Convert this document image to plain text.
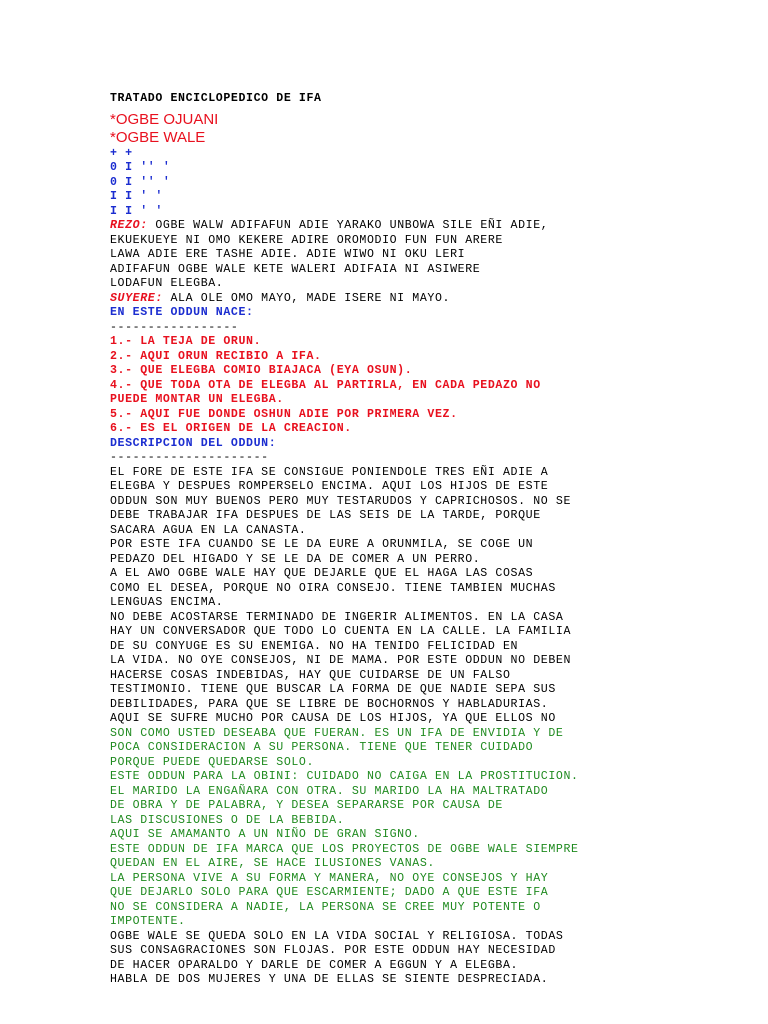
TRATADO ENCICLOPEDICO DE IFA
*OGBE OJUANI
*OGBE WALE
+ +
0 I '' '
0 I '' '
I I ' '
I I ' '
REZO: OGBE WALW ADIFAFUN ADIE YARAKO UNBOWA SILE EÑI ADIE,
EKUEKUEYE NI OMO KEKERE ADIRE OROMODIO FUN FUN ARERE
LAWA ADIE ERE TASHE ADIE. ADIE WIWO NI OKU LERI
ADIFAFUN OGBE WALE KETE WALERI ADIFAIA NI ASIWERE
LODAFUN ELEGBA.
SUYERE: ALA OLE OMO MAYO, MADE ISERE NI MAYO.
EN ESTE ODDUN NACE:
-----------------
1.- LA TEJA DE ORUN.
2.- AQUI ORUN RECIBIO A IFA.
3.- QUE ELEGBA COMIO BIAJACA (EYA OSUN).
4.- QUE TODA OTA DE ELEGBA AL PARTIRLA, EN CADA PEDAZO NO
PUEDE MONTAR UN ELEGBA.
5.- AQUI FUE DONDE OSHUN ADIE POR PRIMERA VEZ.
6.- ES EL ORIGEN DE LA CREACION.
DESCRIPCION DEL ODDUN:
---------------------
EL FORE DE ESTE IFA SE CONSIGUE PONIENDOLE TRES EÑI ADIE A
ELEGBA Y DESPUES ROMPERSELO ENCIMA. AQUI LOS HIJOS DE ESTE
ODDUN SON MUY BUENOS PERO MUY TESTARUDOS Y CAPRICHOSOS. NO SE
DEBE TRABAJAR IFA DESPUES DE LAS SEIS DE LA TARDE, PORQUE
SACARA AGUA EN LA CANASTA.
POR ESTE IFA CUANDO SE LE DA EURE A ORUNMILA, SE COGE UN
PEDAZO DEL HIGADO Y SE LE DA DE COMER A UN PERRO.
A EL AWO OGBE WALE HAY QUE DEJARLE QUE EL HAGA LAS COSAS
COMO EL DESEA, PORQUE NO OIRA CONSEJO. TIENE TAMBIEN MUCHAS
LENGUAS ENCIMA.
NO DEBE ACOSTARSE TERMINADO DE INGERIR ALIMENTOS. EN LA CASA
HAY UN CONVERSADOR QUE TODO LO CUENTA EN LA CALLE. LA FAMILIA
DE SU CONYUGE ES SU ENEMIGA. NO HA TENIDO FELICIDAD EN
LA VIDA. NO OYE CONSEJOS, NI DE MAMA. POR ESTE ODDUN NO DEBEN
HACERSE COSAS INDEBIDAS, HAY QUE CUIDARSE DE UN FALSO
TESTIMONIO. TIENE QUE BUSCAR LA FORMA DE QUE NADIE SEPA SUS
DEBILIDADES, PARA QUE SE LIBRE DE BOCHORNOS Y HABLADURIAS.
AQUI SE SUFRE MUCHO POR CAUSA DE LOS HIJOS, YA QUE ELLOS NO
SON COMO USTED DESEABA QUE FUERAN. ES UN IFA DE ENVIDIA Y DE
POCA CONSIDERACION A SU PERSONA. TIENE QUE TENER CUIDADO
PORQUE PUEDE QUEDARSE SOLO.
ESTE ODDUN PARA LA OBINI: CUIDADO NO CAIGA EN LA PROSTITUCION.
EL MARIDO LA ENGAÑARA CON OTRA. SU MARIDO LA HA MALTRATADO
DE OBRA Y DE PALABRA, Y DESEA SEPARARSE POR CAUSA DE
LAS DISCUSIONES O DE LA BEBIDA.
AQUI SE AMAMANTO A UN NIÑO DE GRAN SIGNO.
ESTE ODDUN DE IFA MARCA QUE LOS PROYECTOS DE OGBE WALE SIEMPRE
QUEDAN EN EL AIRE, SE HACE ILUSIONES VANAS.
LA PERSONA VIVE A SU FORMA Y MANERA, NO OYE CONSEJOS Y HAY
QUE DEJARLO SOLO PARA QUE ESCARMIENTE; DADO A QUE ESTE IFA
NO SE CONSIDERA A NADIE, LA PERSONA SE CREE MUY POTENTE O
IMPOTENTE.
OGBE WALE SE QUEDA SOLO EN LA VIDA SOCIAL Y RELIGIOSA. TODAS
SUS CONSAGRACIONES SON FLOJAS. POR ESTE ODDUN HAY NECESIDAD
DE HACER OPARALDO Y DARLE DE COMER A EGGUN Y A ELEGBA.
HABLA DE DOS MUJERES Y UNA DE ELLAS SE SIENTE DESPRECIADA.
